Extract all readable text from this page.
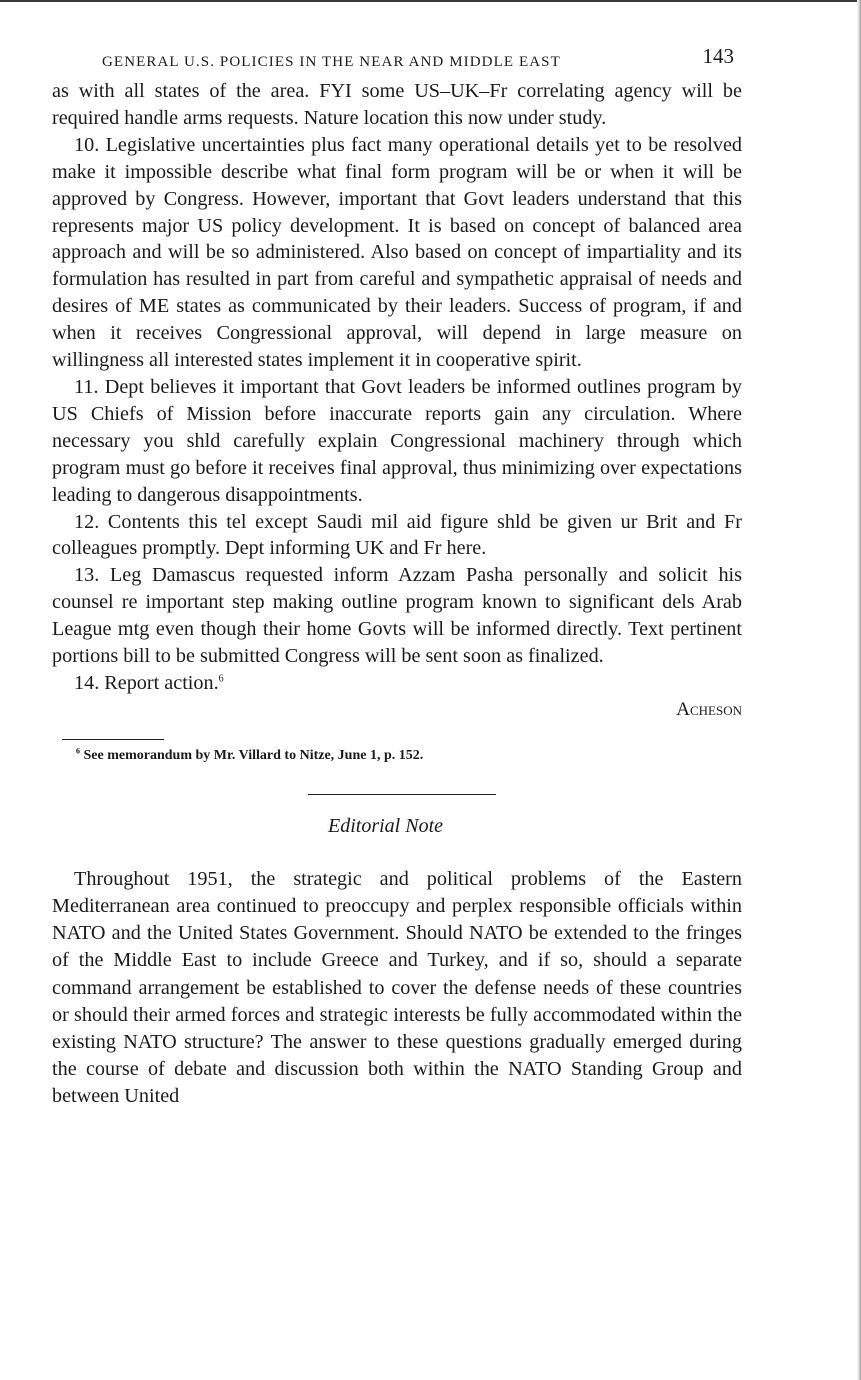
GENERAL U.S. POLICIES IN THE NEAR AND MIDDLE EAST	143

as with all states of the area. FYI some US–UK–Fr correlating agency will be required handle arms requests. Nature location this now under study.

10. Legislative uncertainties plus fact many operational details yet to be resolved make it impossible describe what final form program will be or when it will be approved by Congress. However, important that Govt leaders understand that this represents major US policy development. It is based on concept of balanced area approach and will be so administered. Also based on concept of impartiality and its formulation has resulted in part from careful and sympathetic appraisal of needs and desires of ME states as communicated by their leaders. Success of program, if and when it receives Congressional approval, will depend in large measure on willingness all interested states implement it in cooperative spirit.

11. Dept believes it important that Govt leaders be informed outlines program by US Chiefs of Mission before inaccurate reports gain any circulation. Where necessary you shld carefully explain Congressional machinery through which program must go before it receives final approval, thus minimizing over expectations leading to dangerous disappointments.

12. Contents this tel except Saudi mil aid figure shld be given ur Brit and Fr colleagues promptly. Dept informing UK and Fr here.

13. Leg Damascus requested inform Azzam Pasha personally and solicit his counsel re important step making outline program known to significant dels Arab League mtg even though their home Govts will be informed directly. Text pertinent portions bill to be submitted Congress will be sent soon as finalized.

14. Report action.$^6$

Acheson
$^6$ See memorandum by Mr. Villard to Nitze, June 1, p. 152.
Editorial Note

Throughout 1951, the strategic and political problems of the Eastern Mediterranean area continued to preoccupy and perplex responsible officials within NATO and the United States Government. Should NATO be extended to the fringes of the Middle East to include Greece and Turkey, and if so, should a separate command arrangement be established to cover the defense needs of these countries or should their armed forces and strategic interests be fully accommodated within the existing NATO structure? The answer to these questions gradually emerged during the course of debate and discussion both within the NATO Standing Group and between United
